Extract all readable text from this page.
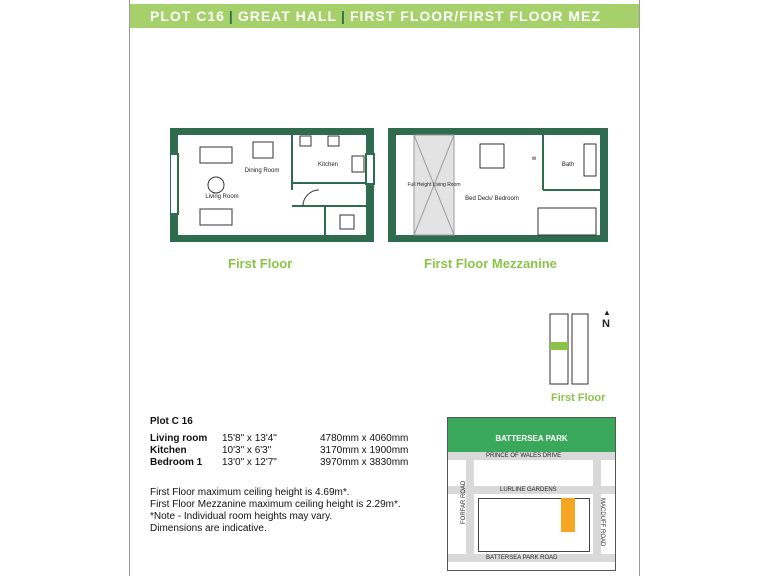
PLOT C16 | GREAT HALL | FIRST FLOOR/FIRST FLOOR MEZ
Living Room
Dining Room
Kitchen
First Floor
Full Height Living Room
Bed Deck/ Bedroom
Bath
w
First Floor Mezzanine
▲
N
First Floor
Plot C 16
Living room	15'8" x 13'4"	4780mm x 4060mm
Kitchen	10'3" x 6'3"	3170mm x 1900mm
Bedroom 1	13'0" x 12'7"	3970mm x 3830mm
First Floor maximum ceiling height is 4.69m*.
First Floor Mezzanine maximum ceiling height is 2.29m*.
*Note - Individual room heights may vary.
Dimensions are indicative.
BATTERSEA PARK
PRINCE OF WALES DRIVE
LURLINE GARDENS
BATTERSEA PARK ROAD
FORFAR ROAD	MACDUFF ROAD
